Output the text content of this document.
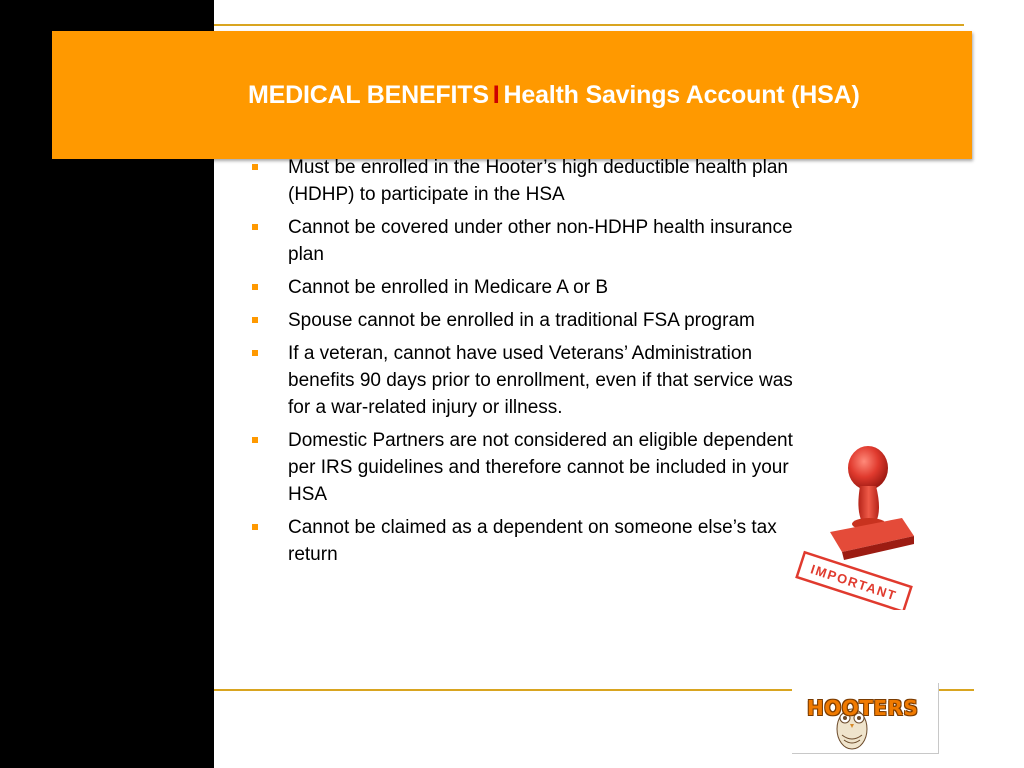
MEDICAL BENEFITS I Health Savings Account (HSA)
Must be enrolled in the Hooter’s high deductible health plan (HDHP) to participate in the HSA
Cannot be covered under other non-HDHP health insurance plan
Cannot be enrolled in Medicare A or B
Spouse cannot be enrolled in a traditional FSA program
If a veteran, cannot have used Veterans’ Administration benefits 90 days prior to enrollment, even if that service was for a war-related injury or illness.
Domestic Partners are not considered an eligible dependent per IRS guidelines and therefore cannot be included in your HSA
Cannot be claimed as a dependent on someone else’s tax return
IMPORTANT
HOOTERS
